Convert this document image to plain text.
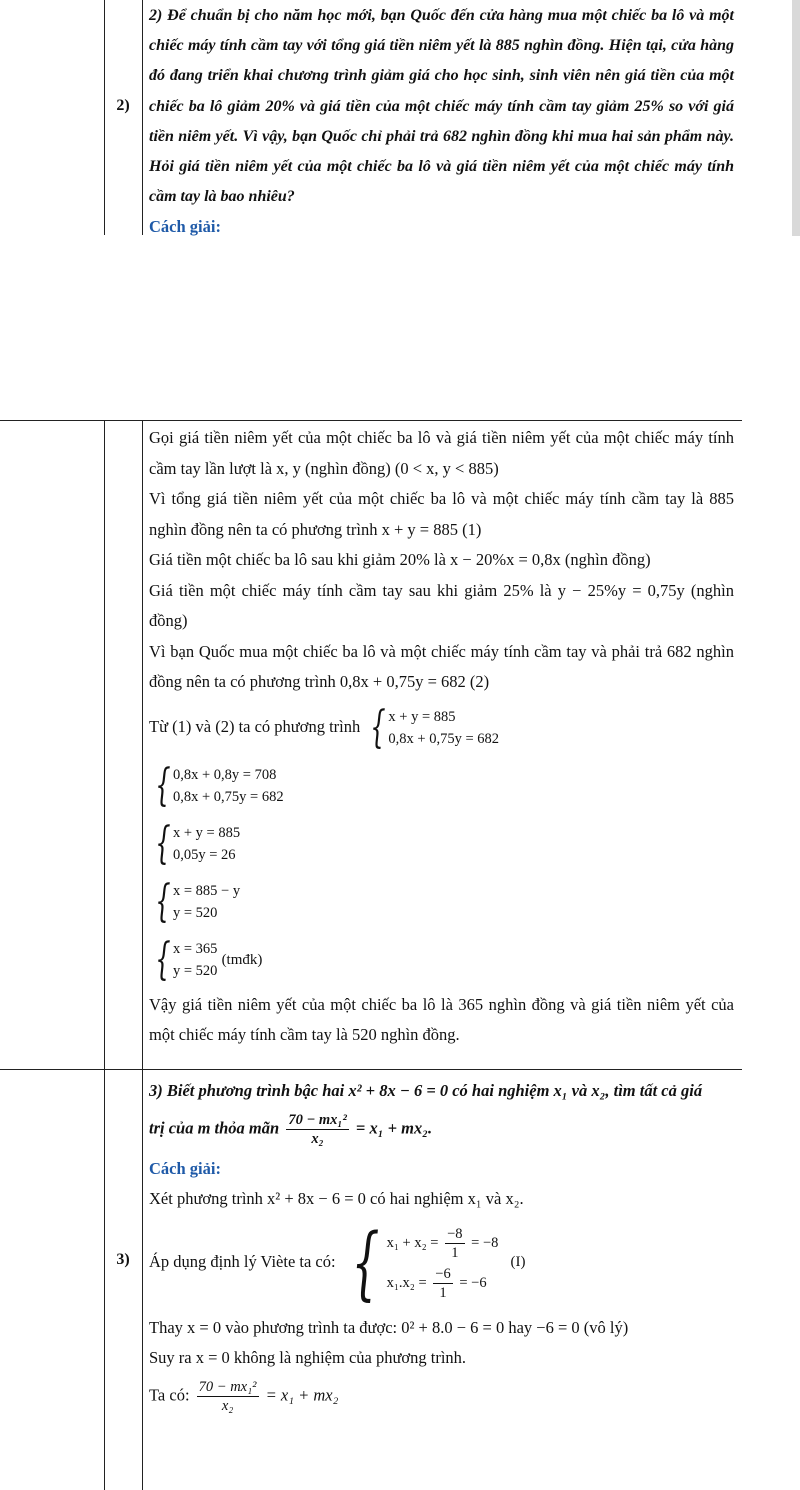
2)

2) Để chuẩn bị cho năm học mới, bạn Quốc đến cửa hàng mua một chiếc ba lô và một chiếc máy tính cầm tay với tổng giá tiền niêm yết là 885 nghìn đồng. Hiện tại, cửa hàng đó đang triển khai chương trình giảm giá cho học sinh, sinh viên nên giá tiền của một chiếc ba lô giảm 20% và giá tiền của một chiếc máy tính cầm tay giảm 25% so với giá tiền niêm yết. Vì vậy, bạn Quốc chỉ phải trả 682 nghìn đồng khi mua hai sản phẩm này. Hỏi giá tiền niêm yết của một chiếc ba lô và giá tiền niêm yết của một chiếc máy tính cầm tay là bao nhiêu?

Cách giải:

Gọi giá tiền niêm yết của một chiếc ba lô và giá tiền niêm yết của một chiếc máy tính cầm tay lần lượt là x, y (nghìn đồng) (0 < x, y < 885)

Vì tổng giá tiền niêm yết của một chiếc ba lô và một chiếc máy tính cầm tay là 885 nghìn đồng nên ta có phương trình x + y = 885 (1)

Giá tiền một chiếc ba lô sau khi giảm 20% là x − 20%x = 0,8x (nghìn đồng)

Giá tiền một chiếc máy tính cầm tay sau khi giảm 25% là y − 25%y = 0,75y (nghìn đồng)

Vì bạn Quốc mua một chiếc ba lô và một chiếc máy tính cầm tay và phải trả 682 nghìn đồng nên ta có phương trình 0,8x + 0,75y = 682 (2)

Từ (1) và (2) ta có phương trình { x + y = 885
0,8x + 0,75y = 682
{ 0,8x + 0,8y = 708
0,8x + 0,75y = 682
{ x + y = 885
0,05y = 26
{ x = 885 − y
y = 520
{ x = 365
y = 520
(tmđk)

Vậy giá tiền niêm yết của một chiếc ba lô là 365 nghìn đồng và giá tiền niêm yết của một chiếc máy tính cầm tay là 520 nghìn đồng.

3)

3) Biết phương trình bậc hai x² + 8x − 6 = 0 có hai nghiệm x₁ và x₂, tìm tất cả giá

trị của m thỏa mãn $\frac{\text{70 − mx₁²}}{\text{x₂}} = x_1 + mx_2$.

Cách giải:

Xét phương trình x² + 8x − 6 = 0 có hai nghiệm x₁ và x₂.

Áp dụng định lý Viète ta có: { $x_1 + x_2 = \frac{-8}{1} = -8$
$x_1.x_2 = \frac{-6}{1} = -6$
(I)

Thay x = 0 vào phương trình ta được: 0² + 8.0 − 6 = 0 hay −6 = 0 (vô lý)

Suy ra x = 0 không là nghiệm của phương trình.

Ta có: $\frac{\text{70 − mx₁²}}{\text{x₂}} = x_1 + mx_2$
